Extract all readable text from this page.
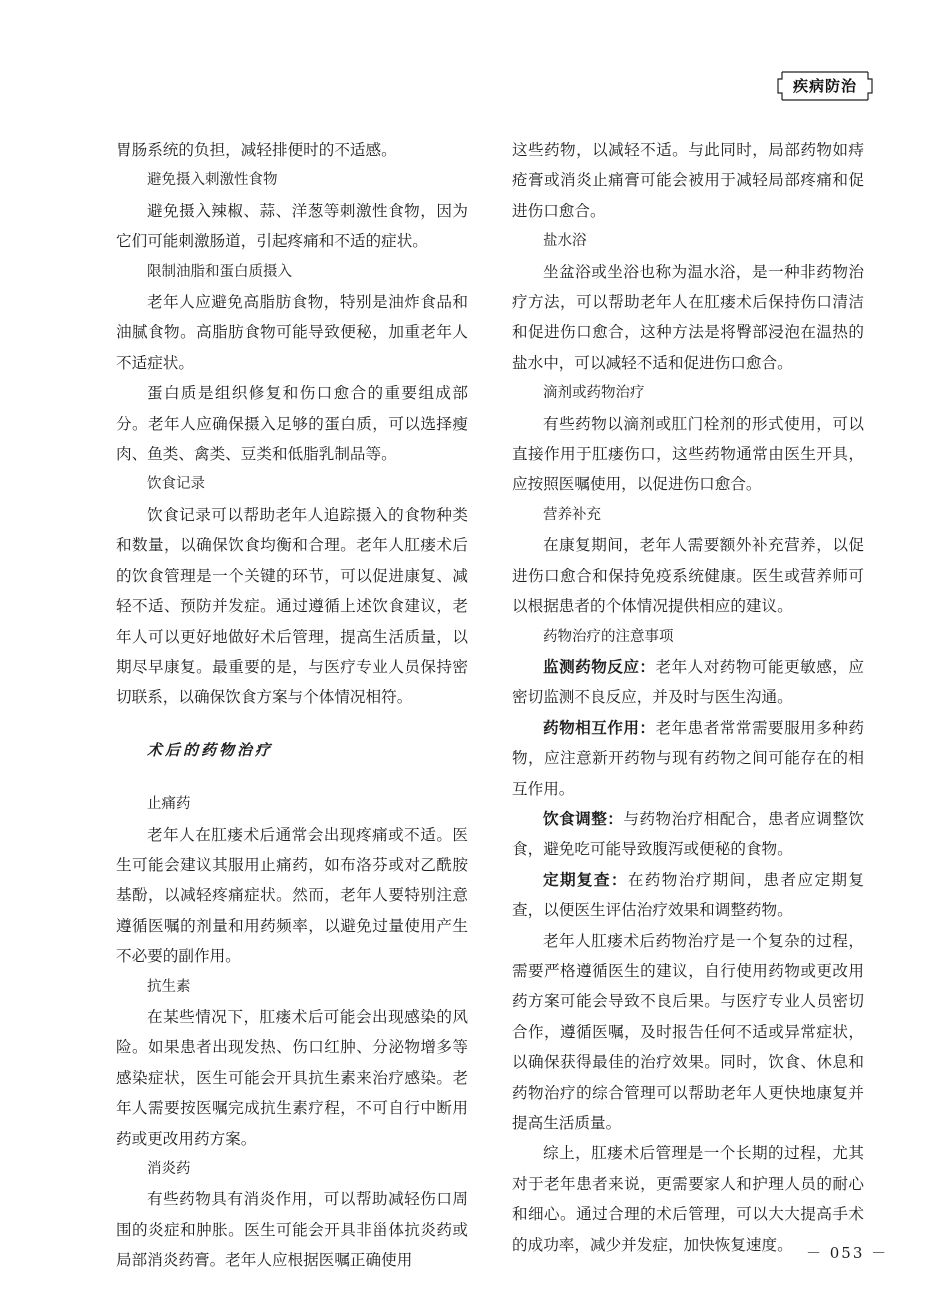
疾病防治

胃肠系统的负担，减轻排便时的不适感。

避免摄入刺激性食物

避免摄入辣椒、蒜、洋葱等刺激性食物，因为它们可能刺激肠道，引起疼痛和不适的症状。

限制油脂和蛋白质摄入

老年人应避免高脂肪食物，特别是油炸食品和油腻食物。高脂肪食物可能导致便秘，加重老年人不适症状。

蛋白质是组织修复和伤口愈合的重要组成部分。老年人应确保摄入足够的蛋白质，可以选择瘦肉、鱼类、禽类、豆类和低脂乳制品等。

饮食记录

饮食记录可以帮助老年人追踪摄入的食物种类和数量，以确保饮食均衡和合理。老年人肛瘘术后的饮食管理是一个关键的环节，可以促进康复、减轻不适、预防并发症。通过遵循上述饮食建议，老年人可以更好地做好术后管理，提高生活质量，以期尽早康复。最重要的是，与医疗专业人员保持密切联系，以确保饮食方案与个体情况相符。

术后的药物治疗
止痛药

老年人在肛瘘术后通常会出现疼痛或不适。医生可能会建议其服用止痛药，如布洛芬或对乙酰胺基酚，以减轻疼痛症状。然而，老年人要特别注意遵循医嘱的剂量和用药频率，以避免过量使用产生不必要的副作用。

抗生素

在某些情况下，肛瘘术后可能会出现感染的风险。如果患者出现发热、伤口红肿、分泌物增多等感染症状，医生可能会开具抗生素来治疗感染。老年人需要按医嘱完成抗生素疗程，不可自行中断用药或更改用药方案。

消炎药

有些药物具有消炎作用，可以帮助减轻伤口周围的炎症和肿胀。医生可能会开具非甾体抗炎药或局部消炎药膏。老年人应根据医嘱正确使用

这些药物，以减轻不适。与此同时，局部药物如痔疮膏或消炎止痛膏可能会被用于减轻局部疼痛和促进伤口愈合。

盐水浴

坐盆浴或坐浴也称为温水浴，是一种非药物治疗方法，可以帮助老年人在肛瘘术后保持伤口清洁和促进伤口愈合，这种方法是将臀部浸泡在温热的盐水中，可以减轻不适和促进伤口愈合。

滴剂或药物治疗

有些药物以滴剂或肛门栓剂的形式使用，可以直接作用于肛瘘伤口，这些药物通常由医生开具，应按照医嘱使用，以促进伤口愈合。

营养补充

在康复期间，老年人需要额外补充营养，以促进伤口愈合和保持免疫系统健康。医生或营养师可以根据患者的个体情况提供相应的建议。

药物治疗的注意事项

监测药物反应：老年人对药物可能更敏感，应密切监测不良反应，并及时与医生沟通。

药物相互作用：老年患者常常需要服用多种药物，应注意新开药物与现有药物之间可能存在的相互作用。

饮食调整：与药物治疗相配合，患者应调整饮食，避免吃可能导致腹泻或便秘的食物。

定期复查：在药物治疗期间，患者应定期复查，以便医生评估治疗效果和调整药物。

老年人肛瘘术后药物治疗是一个复杂的过程，需要严格遵循医生的建议，自行使用药物或更改用药方案可能会导致不良后果。与医疗专业人员密切合作，遵循医嘱，及时报告任何不适或异常症状，以确保获得最佳的治疗效果。同时，饮食、休息和药物治疗的综合管理可以帮助老年人更快地康复并提高生活质量。

综上，肛瘘术后管理是一个长期的过程，尤其对于老年患者来说，更需要家人和护理人员的耐心和细心。通过合理的术后管理，可以大大提高手术的成功率，减少并发症，加快恢复速度。 － 053 －
